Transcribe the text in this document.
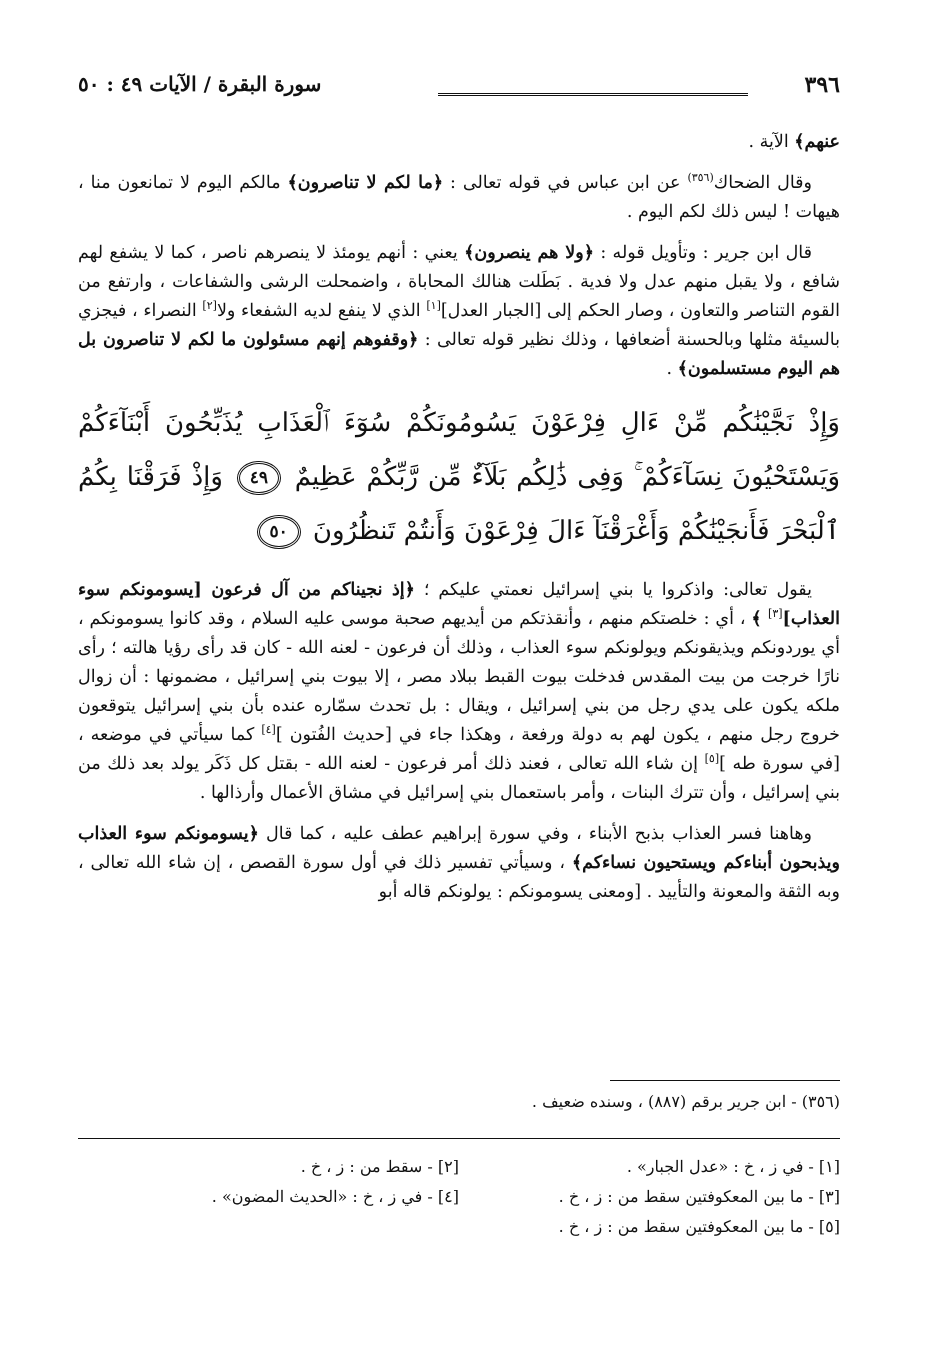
٣٩٦
سورة البقرة / الآيات ٤٩ : ٥٠

عنهم﴾ الآية .

وقال الضحاك$^{(٣٥٦)}$ عن ابن عباس في قوله تعالى : ﴿ما لكم لا تناصرون﴾ مالكم اليوم لا تمانعون منا ، هيهات ! ليس ذلك لكم اليوم .

قال ابن جرير : وتأويل قوله : ﴿ولا هم ينصرون﴾ يعني : أنهم يومئذ لا ينصرهم ناصر ، كما لا يشفع لهم شافع ، ولا يقبل منهم عدل ولا فدية . بَطَلت هنالك المحاباة ، واضمحلت الرشى والشفاعات ، وارتفع من القوم التناصر والتعاون ، وصار الحكم إلى [الجبار العدل][١] الذي لا ينفع لديه الشفعاء ولا[٢] النصراء ، فيجزي بالسيئة مثلها وبالحسنة أضعافها ، وذلك نظير قوله تعالى : ﴿وقفوهم إنهم مسئولون ما لكم لا تناصرون بل هم اليوم مستسلمون﴾ .

وَإِذْ نَجَّيْنَٰكُم مِّنْ ءَالِ فِرْعَوْنَ يَسُومُونَكُمْ سُوٓءَ ٱلْعَذَابِ يُذَبِّحُونَ أَبْنَآءَكُمْ وَيَسْتَحْيُونَ نِسَآءَكُمْ ۚ وَفِى ذَٰلِكُم بَلَآءٌ مِّن رَّبِّكُمْ عَظِيمٌ ٤٩ وَإِذْ فَرَقْنَا بِكُمُ ٱلْبَحْرَ فَأَنجَيْنَٰكُمْ وَأَغْرَقْنَآ ءَالَ فِرْعَوْنَ وَأَنتُمْ تَنظُرُونَ ٥٠

يقول تعالى: واذكروا يا بني إسرائيل نعمتي عليكم ؛ ﴿إذ نجيناكم من آل فرعون [يسومونكم سوء العذاب][٣] ﴾ ، أي : خلصتكم منهم ، وأنقذتكم من أيديهم صحبة موسى عليه السلام ، وقد كانوا يسومونكم ، أي يوردونكم ويذيقونكم ويولونكم سوء العذاب ، وذلك أن فرعون - لعنه الله - كان قد رأى رؤيا هالته ؛ رأى نارًا خرجت من بيت المقدس فدخلت بيوت القبط ببلاد مصر ، إلا بيوت بني إسرائيل ، مضمونها : أن زوال ملكه يكون على يدي رجل من بني إسرائيل ، ويقال : بل تحدث سمّاره عنده بأن بني إسرائيل يتوقعون خروج رجل منهم ، يكون لهم به دولة ورفعة ، وهكذا جاء في [حديث الفُتون ][٤] كما سيأتي في موضعه ، [في سورة طه ][٥] إن شاء الله تعالى ، فعند ذلك أمر فرعون - لعنه الله - بقتل كل ذَكَر يولد بعد ذلك من بني إسرائيل ، وأن تترك البنات ، وأمر باستعمال بني إسرائيل في مشاق الأعمال وأرذالها .

وهاهنا فسر العذاب بذبح الأبناء ، وفي سورة إبراهيم عطف عليه ، كما قال ﴿يسومونكم سوء العذاب ويذبحون أبناءكم ويستحيون نساءكم﴾ ، وسيأتي تفسير ذلك في أول سورة القصص ، إن شاء الله تعالى ، وبه الثقة والمعونة والتأييد . [ومعنى يسومونكم : يولونكم قاله أبو

(٣٥٦) - ابن جرير برقم (٨٨٧) ، وسنده ضعيف .
[١] - في ز ، خ : «عدل الجبار» .
[٢] - سقط من : ز ، خ .
[٣] - ما بين المعكوفتين سقط من : ز ، خ .
[٤] - في ز ، خ : «الحديث المضون» .
[٥] - ما بين المعكوفتين سقط من : ز ، خ .
